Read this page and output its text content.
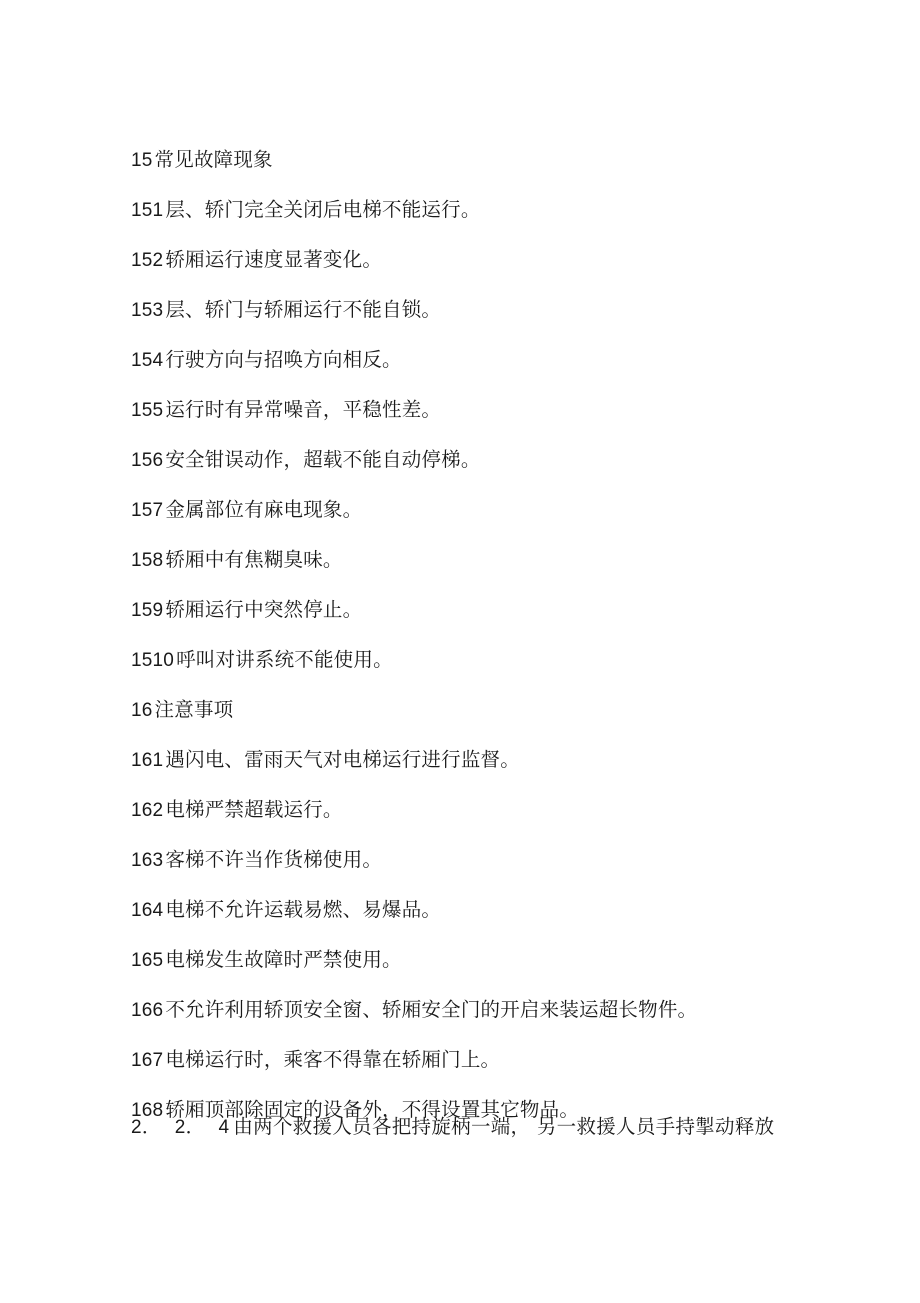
15 常见故障现象
151 层、轿门完全关闭后电梯不能运行。
152 轿厢运行速度显著变化。
153 层、轿门与轿厢运行不能自锁。
154 行驶方向与招唤方向相反。
155 运行时有异常噪音，平稳性差。
156 安全钳误动作，超载不能自动停梯。
157 金属部位有麻电现象。
158 轿厢中有焦糊臭味。
159 轿厢运行中突然停止。
1510 呼叫对讲系统不能使用。
16 注意事项
161 遇闪电、雷雨天气对电梯运行进行监督。
162 电梯严禁超载运行。
163 客梯不许当作货梯使用。
164 电梯不允许运载易燃、易爆品。
165 电梯发生故障时严禁使用。
166 不允许利用轿顶安全窗、轿厢安全门的开启来装运超长物件。
167 电梯运行时，乘客不得靠在轿厢门上。
168 轿厢顶部除固定的设备外，不得设置其它物品。
2． 2． 4 由两个救援人员各把持旋柄一端， 另一救援人员手持掣动释放
